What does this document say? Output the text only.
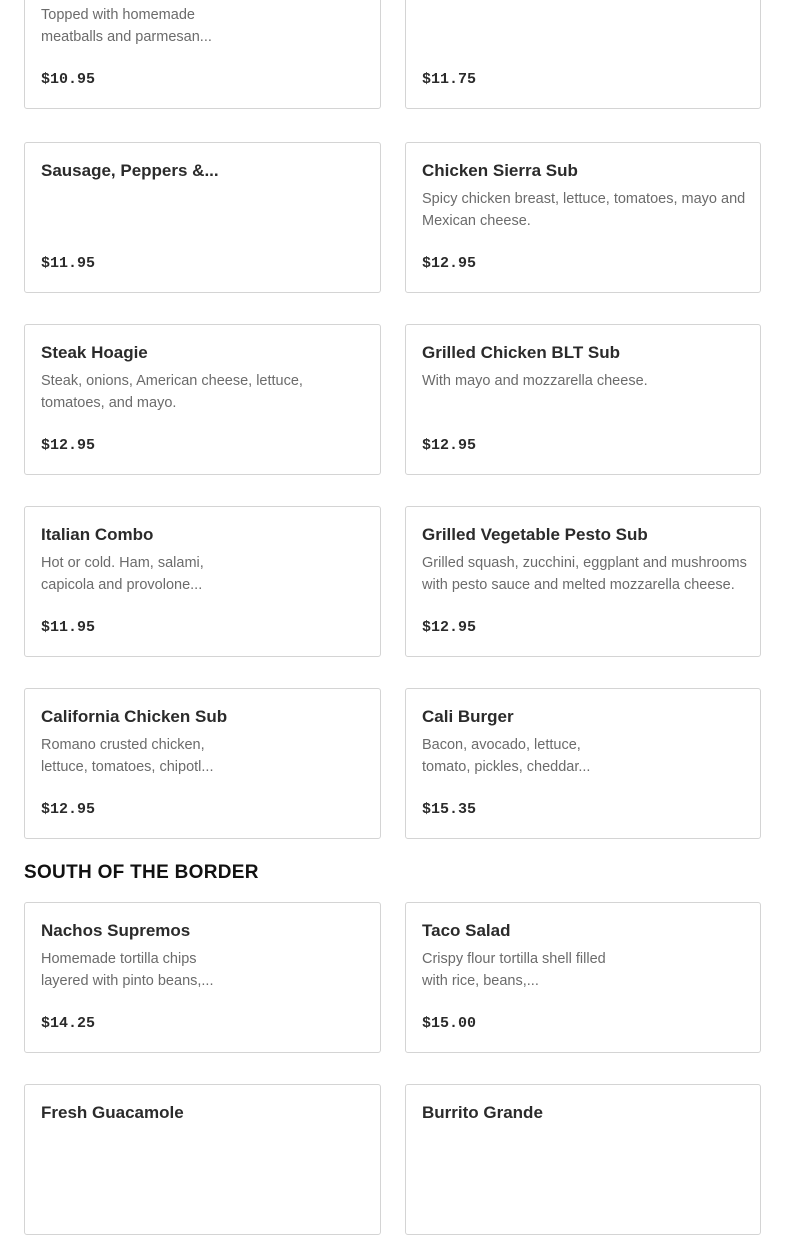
Topped with homemade meatballs and parmesan...
$10.95	$11.75
Sausage, Peppers &...
$11.95
Chicken Sierra Sub
Spicy chicken breast, lettuce, tomatoes, mayo and Mexican cheese.
$12.95
Steak Hoagie
Steak, onions, American cheese, lettuce, tomatoes, and mayo.
$12.95
Grilled Chicken BLT Sub
With mayo and mozzarella cheese.
$12.95
Italian Combo
Hot or cold. Ham, salami, capicola and provolone...
$11.95
Grilled Vegetable Pesto Sub
Grilled squash, zucchini, eggplant and mushrooms with pesto sauce and melted mozzarella cheese.
$12.95
California Chicken Sub
Romano crusted chicken, lettuce, tomatoes, chipotl...
$12.95
Cali Burger
Bacon, avocado, lettuce, tomato, pickles, cheddar...
$15.35
SOUTH OF THE BORDER
Nachos Supremos
Homemade tortilla chips layered with pinto beans,...
$14.25
Taco Salad
Crispy flour tortilla shell filled with rice, beans,...
$15.00
Fresh Guacamole	Burrito Grande
